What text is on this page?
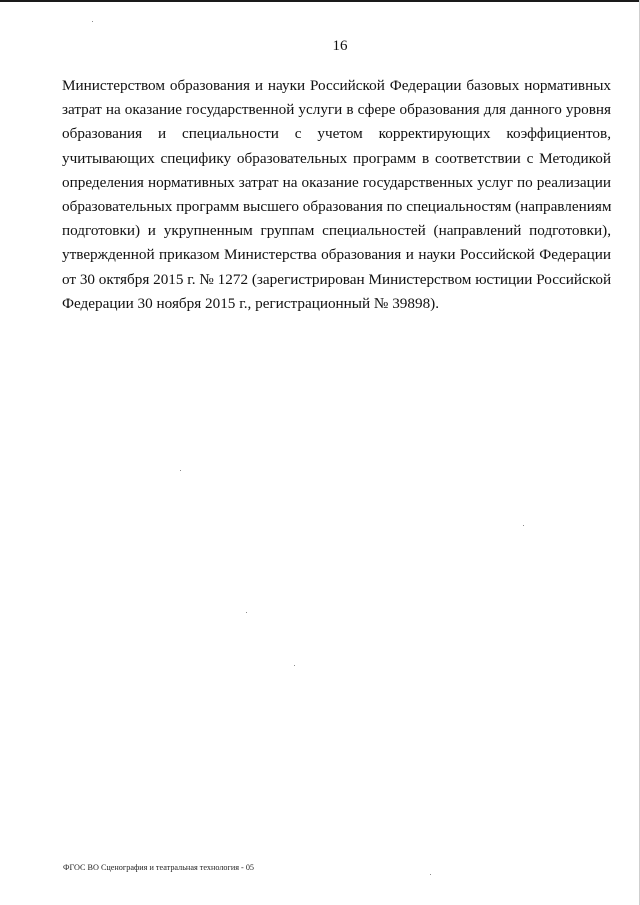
16
Министерством образования и науки Российской Федерации базовых нормативных
затрат на оказание государственной услуги в сфере образования для данного уровня
образования и специальности с учетом корректирующих коэффициентов,
учитывающих специфику образовательных программ в соответствии с Методикой
определения нормативных затрат на оказание государственных услуг по реализации
образовательных программ высшего образования по специальностям (направлениям
подготовки) и укрупненным группам специальностей (направлений подготовки),
утвержденной приказом Министерства образования и науки Российской Федерации
от 30 октября 2015 г. № 1272 (зарегистрирован Министерством юстиции Российской
Федерации 30 ноября 2015 г., регистрационный № 39898).
ФГОС ВО Сценография и театральная технология - 05
